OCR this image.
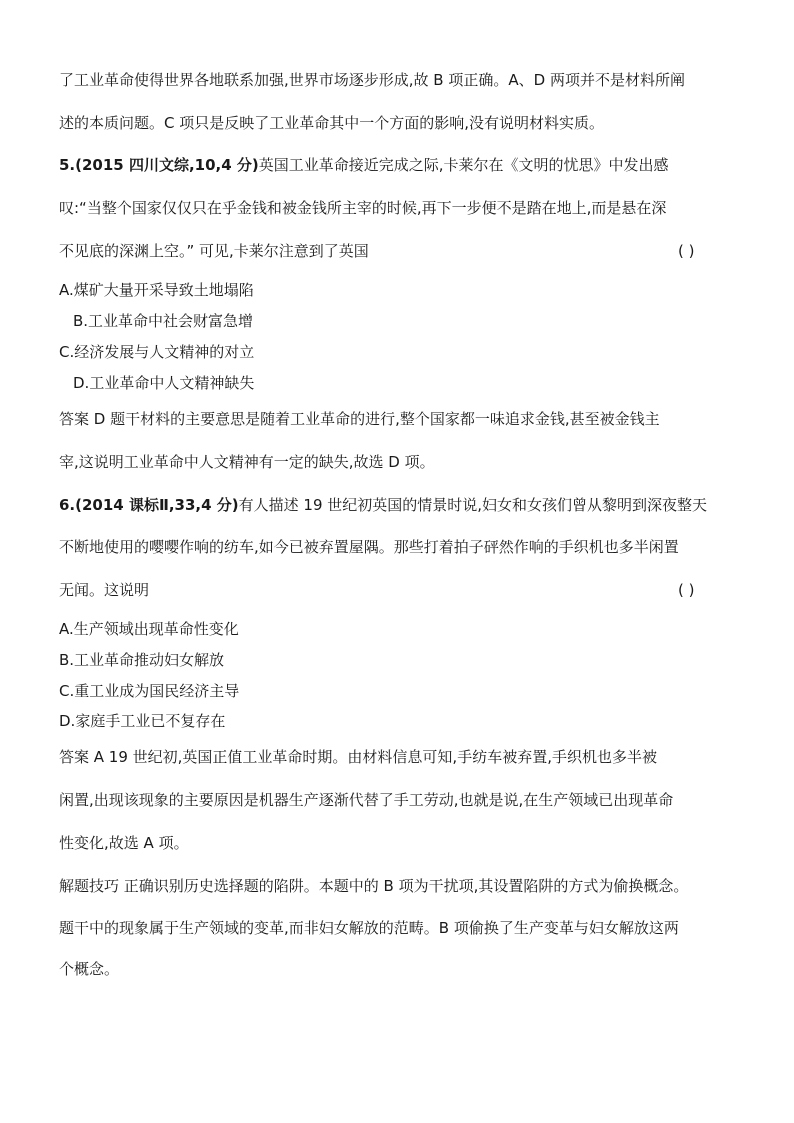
了工业革命使得世界各地联系加强,世界市场逐步形成,故 B 项正确。A、D 两项并不是材料所阐
述的本质问题。C 项只是反映了工业革命其中一个方面的影响,没有说明材料实质。
5.(2015 四川文综,10,4 分)英国工业革命接近完成之际,卡莱尔在《文明的忧思》中发出感
叹:“当整个国家仅仅只在乎金钱和被金钱所主宰的时候,再下一步便不是踏在地上,而是悬在深
不见底的深渊上空。” 可见,卡莱尔注意到了英国	( )
A.煤矿大量开采导致土地塌陷
B.工业革命中社会财富急增
C.经济发展与人文精神的对立
D.工业革命中人文精神缺失
答案 D 题干材料的主要意思是随着工业革命的进行,整个国家都一味追求金钱,甚至被金钱主
宰,这说明工业革命中人文精神有一定的缺失,故选 D 项。
6.(2014 课标Ⅱ,33,4 分)有人描述 19 世纪初英国的情景时说,妇女和女孩们曾从黎明到深夜整天
不断地使用的嘤嘤作响的纺车,如今已被弃置屋隅。那些打着拍子砰然作响的手织机也多半闲置
无闻。这说明	( )
A.生产领域出现革命性变化
B.工业革命推动妇女解放
C.重工业成为国民经济主导
D.家庭手工业已不复存在
答案 A 19 世纪初,英国正值工业革命时期。由材料信息可知,手纺车被弃置,手织机也多半被
闲置,出现该现象的主要原因是机器生产逐渐代替了手工劳动,也就是说,在生产领域已出现革命
性变化,故选 A 项。
解题技巧 正确识别历史选择题的陷阱。本题中的 B 项为干扰项,其设置陷阱的方式为偷换概念。
题干中的现象属于生产领域的变革,而非妇女解放的范畴。B 项偷换了生产变革与妇女解放这两
个概念。
